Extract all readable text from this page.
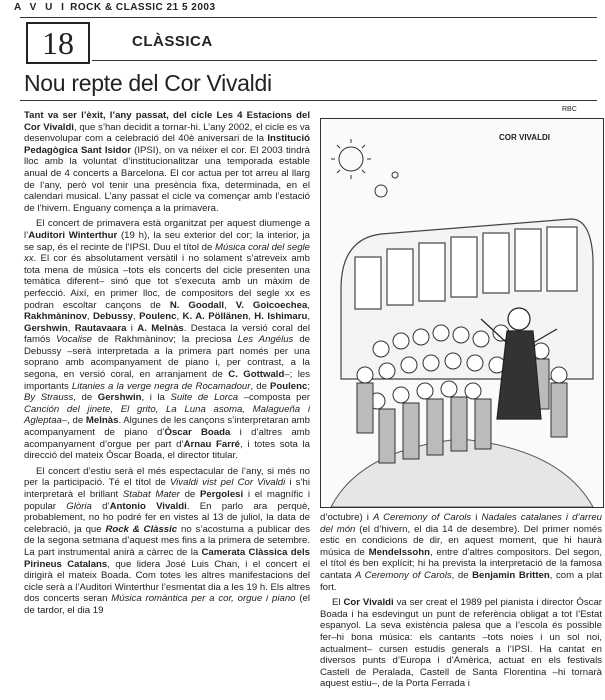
A V U I ROCK & CLASSIC 21 5 2003
18	CLÀSSICA
Nou repte del Cor Vivaldi

Tant va ser l’èxit, l’any passat, del cicle Les 4 Estacions del Cor Vivaldi, que s’han decidit a tornar-hi. L’any 2002, el cicle es va desenvolupar com a celebració del 40è aniversari de la Institució Pedagògica Sant Isidor (IPSI), on va néixer el cor. El 2003 tindrà lloc amb la voluntat d’institucionalitzar una temporada estable anual de 4 concerts a Barcelona. El cor actua per tot arreu al llarg de l’any, però vol tenir una presència fixa, determinada, en el calendari musical. L’any passat el cicle va començar amb l’estació de l’hivern. Enguany comença a la primavera.

El concert de primavera està organitzat per aquest diumenge a l’Auditori Winterthur (19 h), la seu exterior del cor; la interior, ja se sap, és el recinte de l’IPSI. Duu el títol de Música coral del segle xx. El cor és absolutament versàtil i no solament s’atreveix amb tota mena de música –tots els concerts del cicle presenten una temàtica diferent– sinó que tot s’executa amb un màxim de perfecció. Així, en primer lloc, de compositors del segle xx es podran escoltar cançons de N. Goodall, V. Goicoechea, Rakhmàninov, Debussy, Poulenc, K. A. Pöllänen, H. Ishimaru, Gershwin, Rautavaara i A. Melnàs. Destaca la versió coral del famós Vocalise de Rakhmàninov; la preciosa Les Angélus de Debussy –serà interpretada a la primera part només per una soprano amb acompanyament de piano i, per contrast, a la segona, en versió coral, en arranjament de C. Gottwald–; les importants Litanies a la verge negra de Rocamadour, de Poulenc; By Strauss, de Gershwin, i la Suite de Lorca –composta per Canción del jinete, El grito, La Luna asoma, Malagueña i Agleptaa–, de Melnàs. Algunes de les cançons s’interpretaran amb acompanyament de piano d’Òscar Boada i d’altres amb acompanyament d’orgue per part d’Arnau Farré, i totes sota la direcció del mateix Òscar Boada, el director titular.

El concert d’estiu serà el més espectacular de l’any, si més no per la participació. Té el títol de Vivaldi vist pel Cor Vivaldi i s’hi interpretarà el brillant Stabat Mater de Pergolesi i el magnífic i popular Glòria d’Antonio Vivaldi. En parlo ara perquè, probablement, no ho podré fer en vistes al 13 de juliol, la data de celebració, ja que Rock & Clàssic no s’acostuma a publicar des de la segona setmana d’aquest mes fins a la primera de setembre. La part instrumental anirà a càrrec de la Camerata Clàssica dels Pirineus Catalans, que lidera José Luis Chan, i el concert el dirigirà el mateix Boada. Com totes les altres manifestacions del cicle serà a l’Auditori Winterthur l’esmentat dia a les 19 h. Els altres dos concerts seran Música romàntica per a cor, orgue i piano (el de tardor, el dia 19

RBC
COR VIVALDI

d’octubre) i A Ceremony of Carols i Nadales catalanes i d’arreu del món (el d’hivern, el dia 14 de desembre). Del primer només estic en condicions de dir, en aquest moment, que hi haurà música de Mendelssohn, entre d’altres compositors. Del segon, el títol és ben explícit; hi ha prevista la interpretació de la famosa cantata A Ceremony of Carols, de Benjamin Britten, com a plat fort.

El Cor Vivaldi va ser creat el 1989 pel pianista i director Òscar Boada i ha esdevingut un punt de referència obligat a tot l’Estat espanyol. La seva existència palesa que a l’escola és possible fer–hi bona música: els cantants –tots noies i un sol noi, actualment– cursen estudis generals a l’IPSI. Ha cantat en diversos punts d’Europa i d’Amèrica, actuat en els festivals Castell de Peralada, Castell de Santa Florentina –hi tornarà aquest estiu–, de la Porta Ferrada i
